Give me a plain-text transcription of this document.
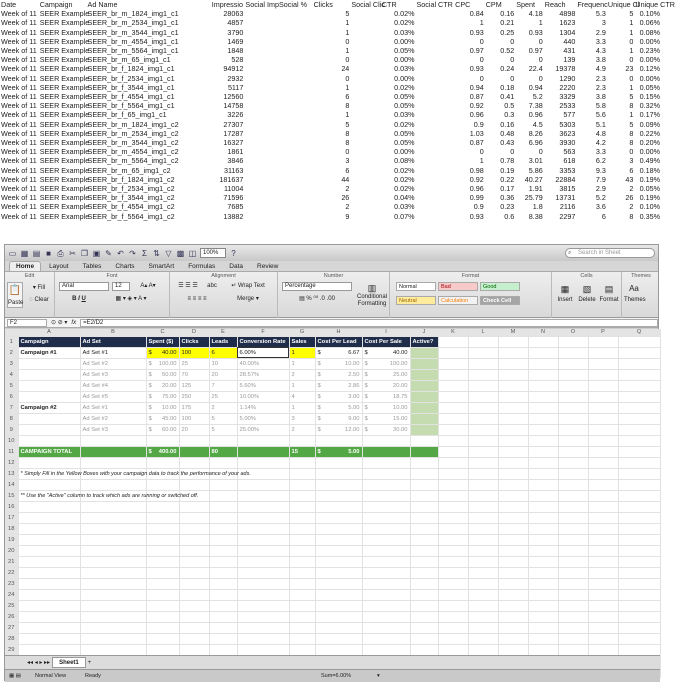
Date	Campaign	Ad Name	Impressio	Social Imp	Social %	Clicks	Social Clic	CTR	Social CTR	CPC	CPM	Spent	Reach	Frequenc	Unique Cl	Unique CTR
Week of 11	SEER Example	SEER_br_m_1824_img1_c1	28063			5		0.02%		0.84	0.16	4.18	4898	5.3	5	0.10%
Week of 11	SEER Example	SEER_br_m_2534_img1_c1	4857			1		0.02%		1	0.21	1	1623	3	1	0.06%
Week of 11	SEER Example	SEER_br_m_3544_img1_c1	3790			1		0.03%		0.93	0.25	0.93	1304	2.9	1	0.08%
Week of 11	SEER Example	SEER_br_m_4554_img1_c1	1469			0		0.00%		0	0	0	440	3.3	0	0.00%
Week of 11	SEER Example	SEER_br_m_5564_img1_c1	1848			1		0.05%		0.97	0.52	0.97	431	4.3	1	0.23%
Week of 11	SEER Example	SEER_br_m_65_img1_c1	528			0		0.00%		0	0	0	139	3.8	0	0.00%
Week of 11	SEER Example	SEER_br_f_1824_img1_c1	94912			24		0.03%		0.93	0.24	22.4	19378	4.9	23	0.12%
Week of 11	SEER Example	SEER_br_f_2534_img1_c1	2932			0		0.00%		0	0	0	1290	2.3	0	0.00%
Week of 11	SEER Example	SEER_br_f_3544_img1_c1	5117			1		0.02%		0.94	0.18	0.94	2220	2.3	1	0.05%
Week of 11	SEER Example	SEER_br_f_4554_img1_c1	12560			6		0.05%		0.87	0.41	5.2	3329	3.8	5	0.15%
Week of 11	SEER Example	SEER_br_f_5564_img1_c1	14758			8		0.05%		0.92	0.5	7.38	2533	5.8	8	0.32%
Week of 11	SEER Example	SEER_br_f_65_img1_c1	3226			1		0.03%		0.96	0.3	0.96	577	5.6	1	0.17%
Week of 11	SEER Example	SEER_br_m_1824_img1_c2	27307			5		0.02%		0.9	0.16	4.5	5303	5.1	5	0.09%
Week of 11	SEER Example	SEER_br_m_2534_img1_c2	17287			8		0.05%		1.03	0.48	8.26	3623	4.8	8	0.22%
Week of 11	SEER Example	SEER_br_m_3544_img1_c2	16327			8		0.05%		0.87	0.43	6.96	3930	4.2	8	0.20%
Week of 11	SEER Example	SEER_br_m_4554_img1_c2	1861			0		0.00%		0	0	0	563	3.3	0	0.00%
Week of 11	SEER Example	SEER_br_m_5564_img1_c2	3846			3		0.08%		1	0.78	3.01	618	6.2	3	0.49%
Week of 11	SEER Example	SEER_br_m_65_img1_c2	31163			6		0.02%		0.98	0.19	5.86	3353	9.3	6	0.18%
Week of 11	SEER Example	SEER_br_f_1824_img1_c2	181637			44		0.02%		0.92	0.22	40.27	22884	7.9	43	0.19%
Week of 11	SEER Example	SEER_br_f_2534_img1_c2	11004			2		0.02%		0.96	0.17	1.91	3815	2.9	2	0.05%
Week of 11	SEER Example	SEER_br_f_3544_img1_c2	71596			26		0.04%		0.99	0.36	25.79	13731	5.2	26	0.19%
Week of 11	SEER Example	SEER_br_f_4554_img1_c2	7685			2		0.03%		0.9	0.23	1.8	2116	3.6	2	0.10%
Week of 11	SEER Example	SEER_br_f_5564_img1_c2	13882			9		0.07%		0.93	0.6	8.38	2297	6	8	0.35%
▭ ▦ ▤ ■ ⎙ ✂ ❐ ▣ ✎ ↶ ↷ Σ ⇅ ▽ ▩ ◫	100%	?	⌕ Search in Sheet
Home	Layout	Tables	Charts	SmartArt	Formulas	Data	Review
Edit
📋
Paste
▾ Fill
◌ Clear
Font
Arial	12	A▴ A▾
B I U	▦ ▾ ◈ ▾ A ▾
Alignment
☰ ☰ ☰	abc	↵ Wrap Text
≡ ≡ ≡ ≡	Merge ▾
Number
Percentage
▤ % ⁰⁰ .0 .00
▥
Conditional Formatting
Format
Normal	Bad	Good
Neutral	Calculation	Check Cell
Cells
▦
Insert
▧
Delete
▤
Format
Themes
Aa
Themes
F2	⊙ ⊘ ▾ fx	=E2/D2
	A	B	C	D	E	F	G	H	I	J	K	L	M	N	O	P	Q
1	Campaign	Ad Set	Spent ($)	Clicks	Leads	Conversion Rate	Sales	Cost Per Lead	Cost Per Sale	Active?							
2	Campaign #1	Ad Set #1	$ 40.00	100	6	6.00%	1	$ 6.67	$ 40.00								

3		Ad Set #2	$ 100.00	25	10	40.00%	1	$ 10.00	$ 100.00								

4		Ad Set #3	$ 50.00	70	20	28.57%	2	$ 2.50	$ 25.00								

5		Ad Set #4	$ 20.00	125	7	5.60%	1	$ 2.86	$ 20.00								

6		Ad Set #5	$ 75.00	250	25	10.00%	4	$ 3.00	$ 18.75								

7	Campaign #2	Ad Set #1	$ 10.00	175	2	1.14%	1	$ 5.00	$ 10.00								

8		Ad Set #2	$ 45.00	100	5	5.00%	3	$ 9.00	$ 15.00								

9		Ad Set #3	$ 60.00	20	5	25.00%	2	$ 12.00	$ 30.00								

10																	
11	CAMPAIGN TOTAL		$ 400.00		80		15	$ 5.00									

12																	
13	* Simply Fill in the Yellow Boxes with your campaign data to track the performance of your ads.																
14																	
15	** Use the "Active" column to track which ads are running or switched off.																
16																	
17																	
18																	
19																	
20																	
21																	
22																	
23																	
24																	
25																	
26																	
27																	
28																	
29																	

◂◂ ◂ ▸ ▸▸	Sheet1	+
▦ ▤	Normal View	Ready	Sum=6.00%	▾
